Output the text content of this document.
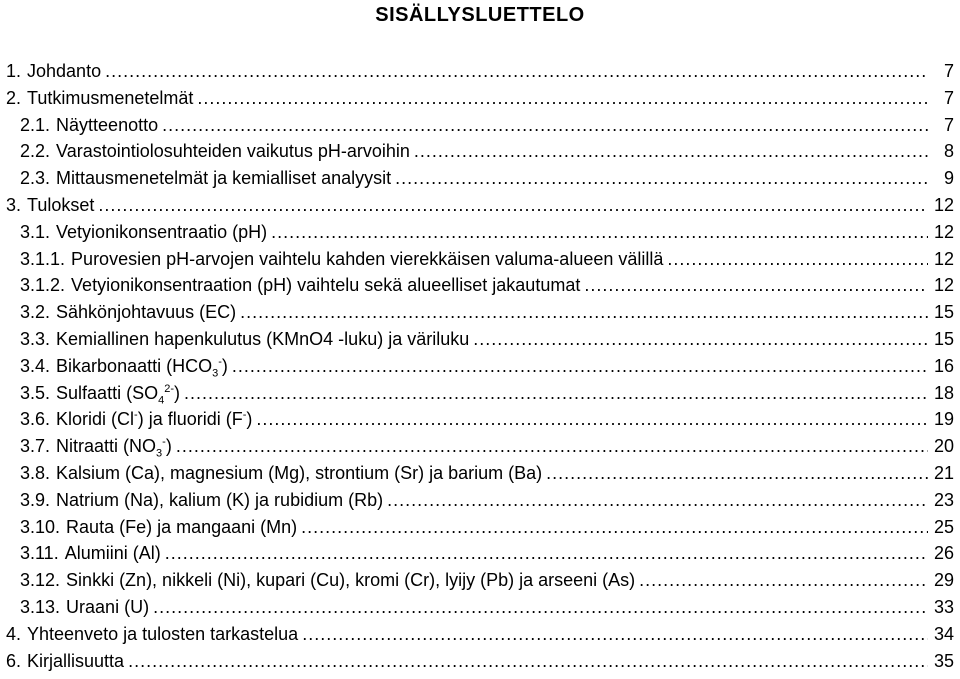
SISÄLLYSLUETTELO
1. Johdanto .....	7
2. Tutkimusmenetelmät .....	7
2.1. Näytteenotto .....	7
2.2. Varastointiolosuhteiden vaikutus pH-arvoihin .....	8
2.3. Mittausmenetelmät ja kemialliset analyysit .....	9
3. Tulokset .....	12
3.1. Vetyionikonsentraatio (pH) .....	12
3.1.1. Purovesien pH-arvojen vaihtelu kahden vierekkäisen valuma-alueen välillä .....	12
3.1.2. Vetyionikonsentraation (pH) vaihtelu sekä alueelliset jakautumat .....	12
3.2. Sähkönjohtavuus (EC) .....	15
3.3. Kemiallinen hapenkulutus (KMnO4 -luku) ja väriluku .....	15
3.4. Bikarbonaatti $(HCO_3^-)$ .....	16
3.5. Sulfaatti $(SO_4^{2-})$ .....	18
3.6. Kloridi (Cl-) ja fluoridi (F-) .....	19
3.7. Nitraatti $(NO_3^-)$ .....	20
3.8. Kalsium (Ca), magnesium (Mg), strontium (Sr) ja barium (Ba) .....	21
3.9. Natrium (Na), kalium (K) ja rubidium (Rb) .....	23
3.10. Rauta (Fe) ja mangaani (Mn) .....	25
3.11. Alumiini (Al) .....	26
3.12. Sinkki (Zn), nikkeli (Ni), kupari (Cu), kromi (Cr), lyijy (Pb) ja arseeni (As) .....	29
3.13. Uraani (U) .....	33
4. Yhteenveto ja tulosten tarkastelua .....	34
6. Kirjallisuutta .....	35
